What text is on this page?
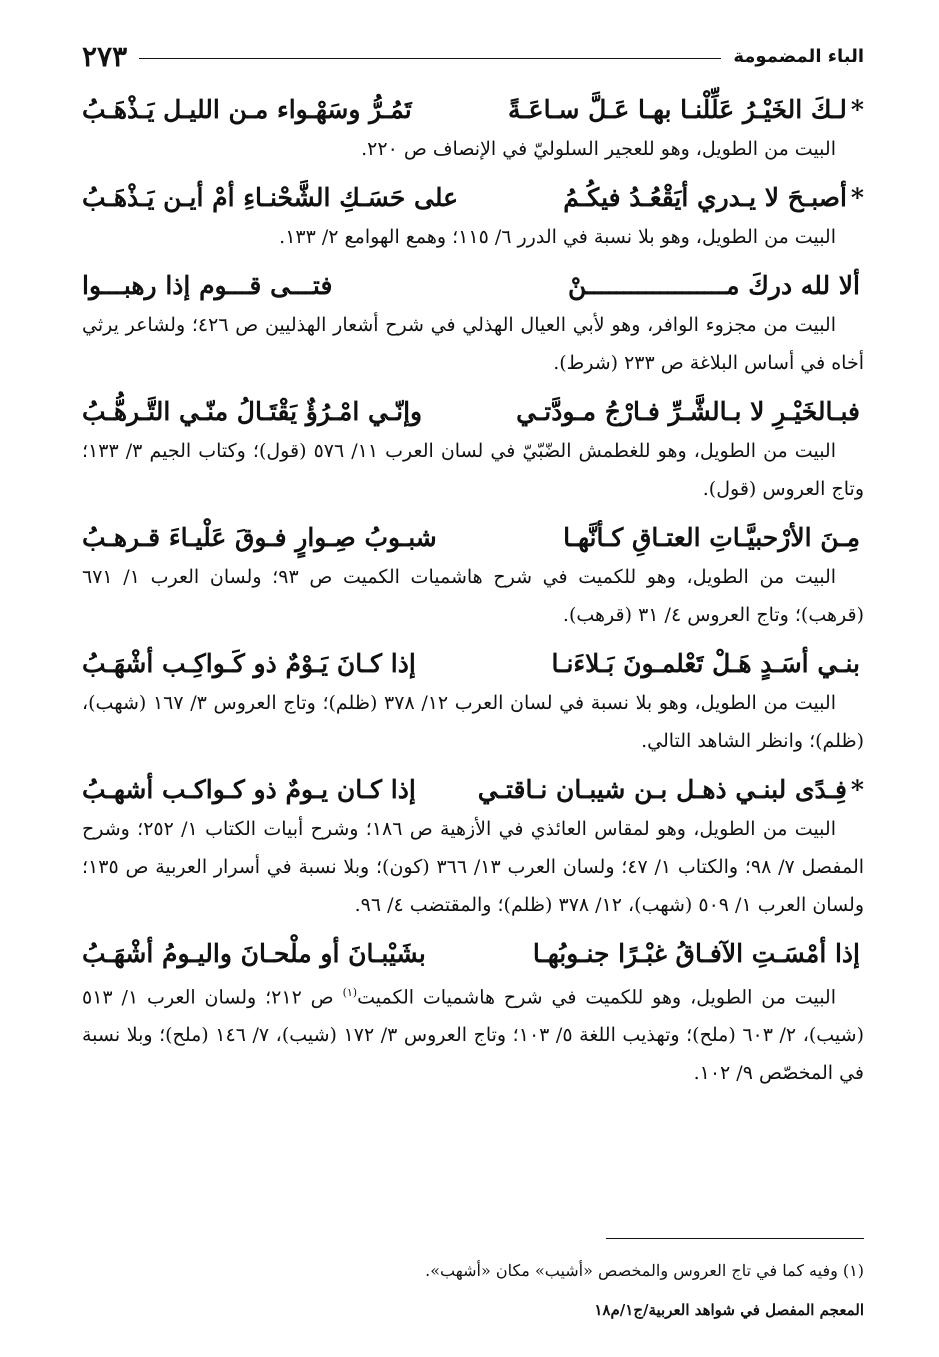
الباء المضمومة
٢٧٣
*لـكَ الخَيْـرُ عَلِّلْنـا بهـا عَـلَّ سـاعَـةً
تَمُـرُّ وسَهْـواء مـن الليـل يَـذْهَـبُ
البيت من الطويل، وهو للعجير السلوليّ في الإنصاف ص ٢٢٠.
*أصبـحَ لا يـدري أيَقْعُـدُ فيكُـمُ
على حَسَـكِ الشَّحْنـاءِ أمْ أيـن يَـذْهَـبُ
البيت من الطويل، وهو بلا نسبة في الدرر ٦/ ١١٥؛ وهمع الهوامع ٢/ ١٣٣.
ألا لله دركَ مـــــــــــــــــــنْ
فتـــى قـــوم إذا رهبـــوا
البيت من مجزوء الوافر، وهو لأبي العيال الهذلي في شرح أشعار الهذليين ص ٤٢٦؛ ولشاعر يرثي أخاه في أساس البلاغة ص ٢٣٣ (شرط).
فبـالخَيْـرِ لا بـالشَّـرِّ فـارْجُ مـودَّتـي
وإنّـي امْـرُؤٌ يَقْتَـالُ منّـي التَّـرهُّـبُ
البيت من الطويل، وهو للغطمش الضّبّيّ في لسان العرب ١١/ ٥٧٦ (قول)؛ وكتاب الجيم ٣/ ١٣٣؛ وتاج العروس (قول).
مِـنَ الأرْحبيَّـاتِ العتـاقِ كـأنَّهـا
شبـوبُ صِـوارٍ فـوقَ عَلْيـاءَ قـرهـبُ
البيت من الطويل، وهو للكميت في شرح هاشميات الكميت ص ٩٣؛ ولسان العرب ١/ ٦٧١ (قرهب)؛ وتاج العروس ٤/ ٣١ (قرهب).
بنـي أسَـدٍ هَـلْ تَعْلمـونَ بَـلاءَنـا
إذا كـانَ يَـوْمٌ ذو كَـواكِـب أشْهَـبُ
البيت من الطويل، وهو بلا نسبة في لسان العرب ١٢/ ٣٧٨ (ظلم)؛ وتاج العروس ٣/ ١٦٧ (شهب)، (ظلم)؛ وانظر الشاهد التالي.
*فِـدًى لبنـي ذهـل بـن شيبـان نـاقتـي
إذا كـان يـومٌ ذو كـواكـب أشهـبُ
البيت من الطويل، وهو لمقاس العائذي في الأزهية ص ١٨٦؛ وشرح أبيات الكتاب ١/ ٢٥٢؛ وشرح المفصل ٧/ ٩٨؛ والكتاب ١/ ٤٧؛ ولسان العرب ١٣/ ٣٦٦ (كون)؛ وبلا نسبة في أسرار العربية ص ١٣٥؛ ولسان العرب ١/ ٥٠٩ (شهب)، ١٢/ ٣٧٨ (ظلم)؛ والمقتضب ٤/ ٩٦.
إذا أمْسَـتِ الآفـاقُ غبْـرًا جنـوبُهـا
بشَيْبـانَ أو ملْحـانَ واليـومُ أشْهَـبُ
البيت من الطويل، وهو للكميت في شرح هاشميات الكميت$^{(١)}$ ص ٢١٢؛ ولسان العرب ١/ ٥١٣ (شيب)، ٢/ ٦٠٣ (ملح)؛ وتهذيب اللغة ٥/ ١٠٣؛ وتاج العروس ٣/ ١٧٢ (شيب)، ٧/ ١٤٦ (ملح)؛ وبلا نسبة في المخصّص ٩/ ١٠٢.
(١) وفيه كما في تاج العروس والمخصص «أشيب» مكان «أشهب».
المعجم المفصل في شواهد العربية/ج١/م١٨
